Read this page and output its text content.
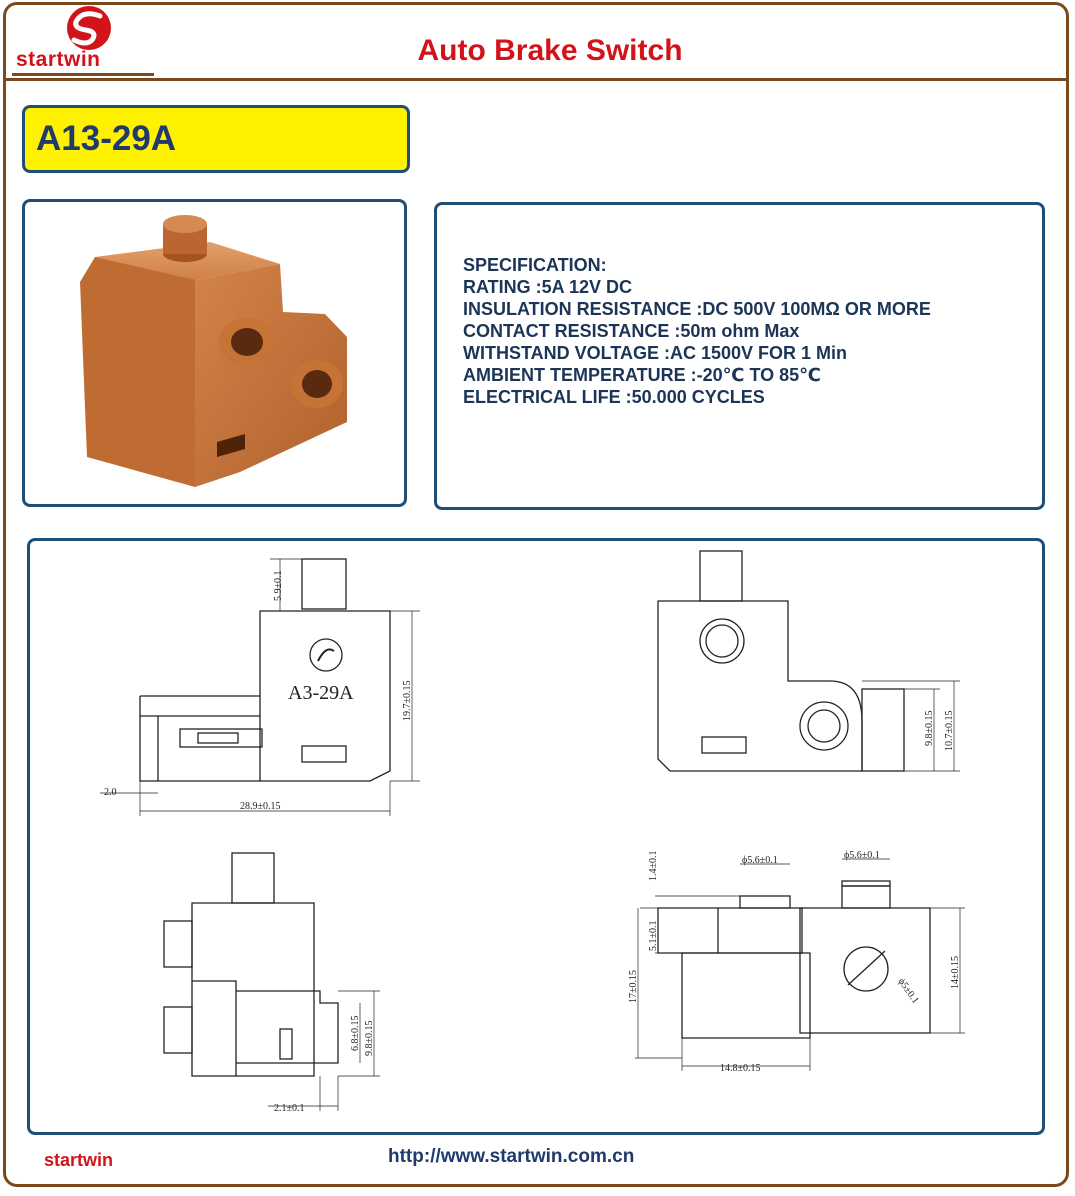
startwin	Auto Brake Switch
A13-29A
SPECIFICATION:
RATING :5A 12V DC
INSULATION RESISTANCE :DC 500V 100MΩ OR MORE
CONTACT RESISTANCE :50m ohm Max
WITHSTAND VOLTAGE :AC 1500V FOR 1 Min
AMBIENT TEMPERATURE :-20℃ TO 85℃
ELECTRICAL LIFE :50.000 CYCLES
A3-29A
5.9±0.1
19.7±0.15
2.0
28.9±0.15
9.8±0.15 10.7±0.15
6.8±0.15 9.8±0.15
2.1±0.1
1.4±0.1	ϕ5.6±0.1	ϕ5.6±0.1
5.1±0.1
17±0.15	14±0.15
ϕ5±0.1
14.8±0.15
startwin	http://www.startwin.com.cn
